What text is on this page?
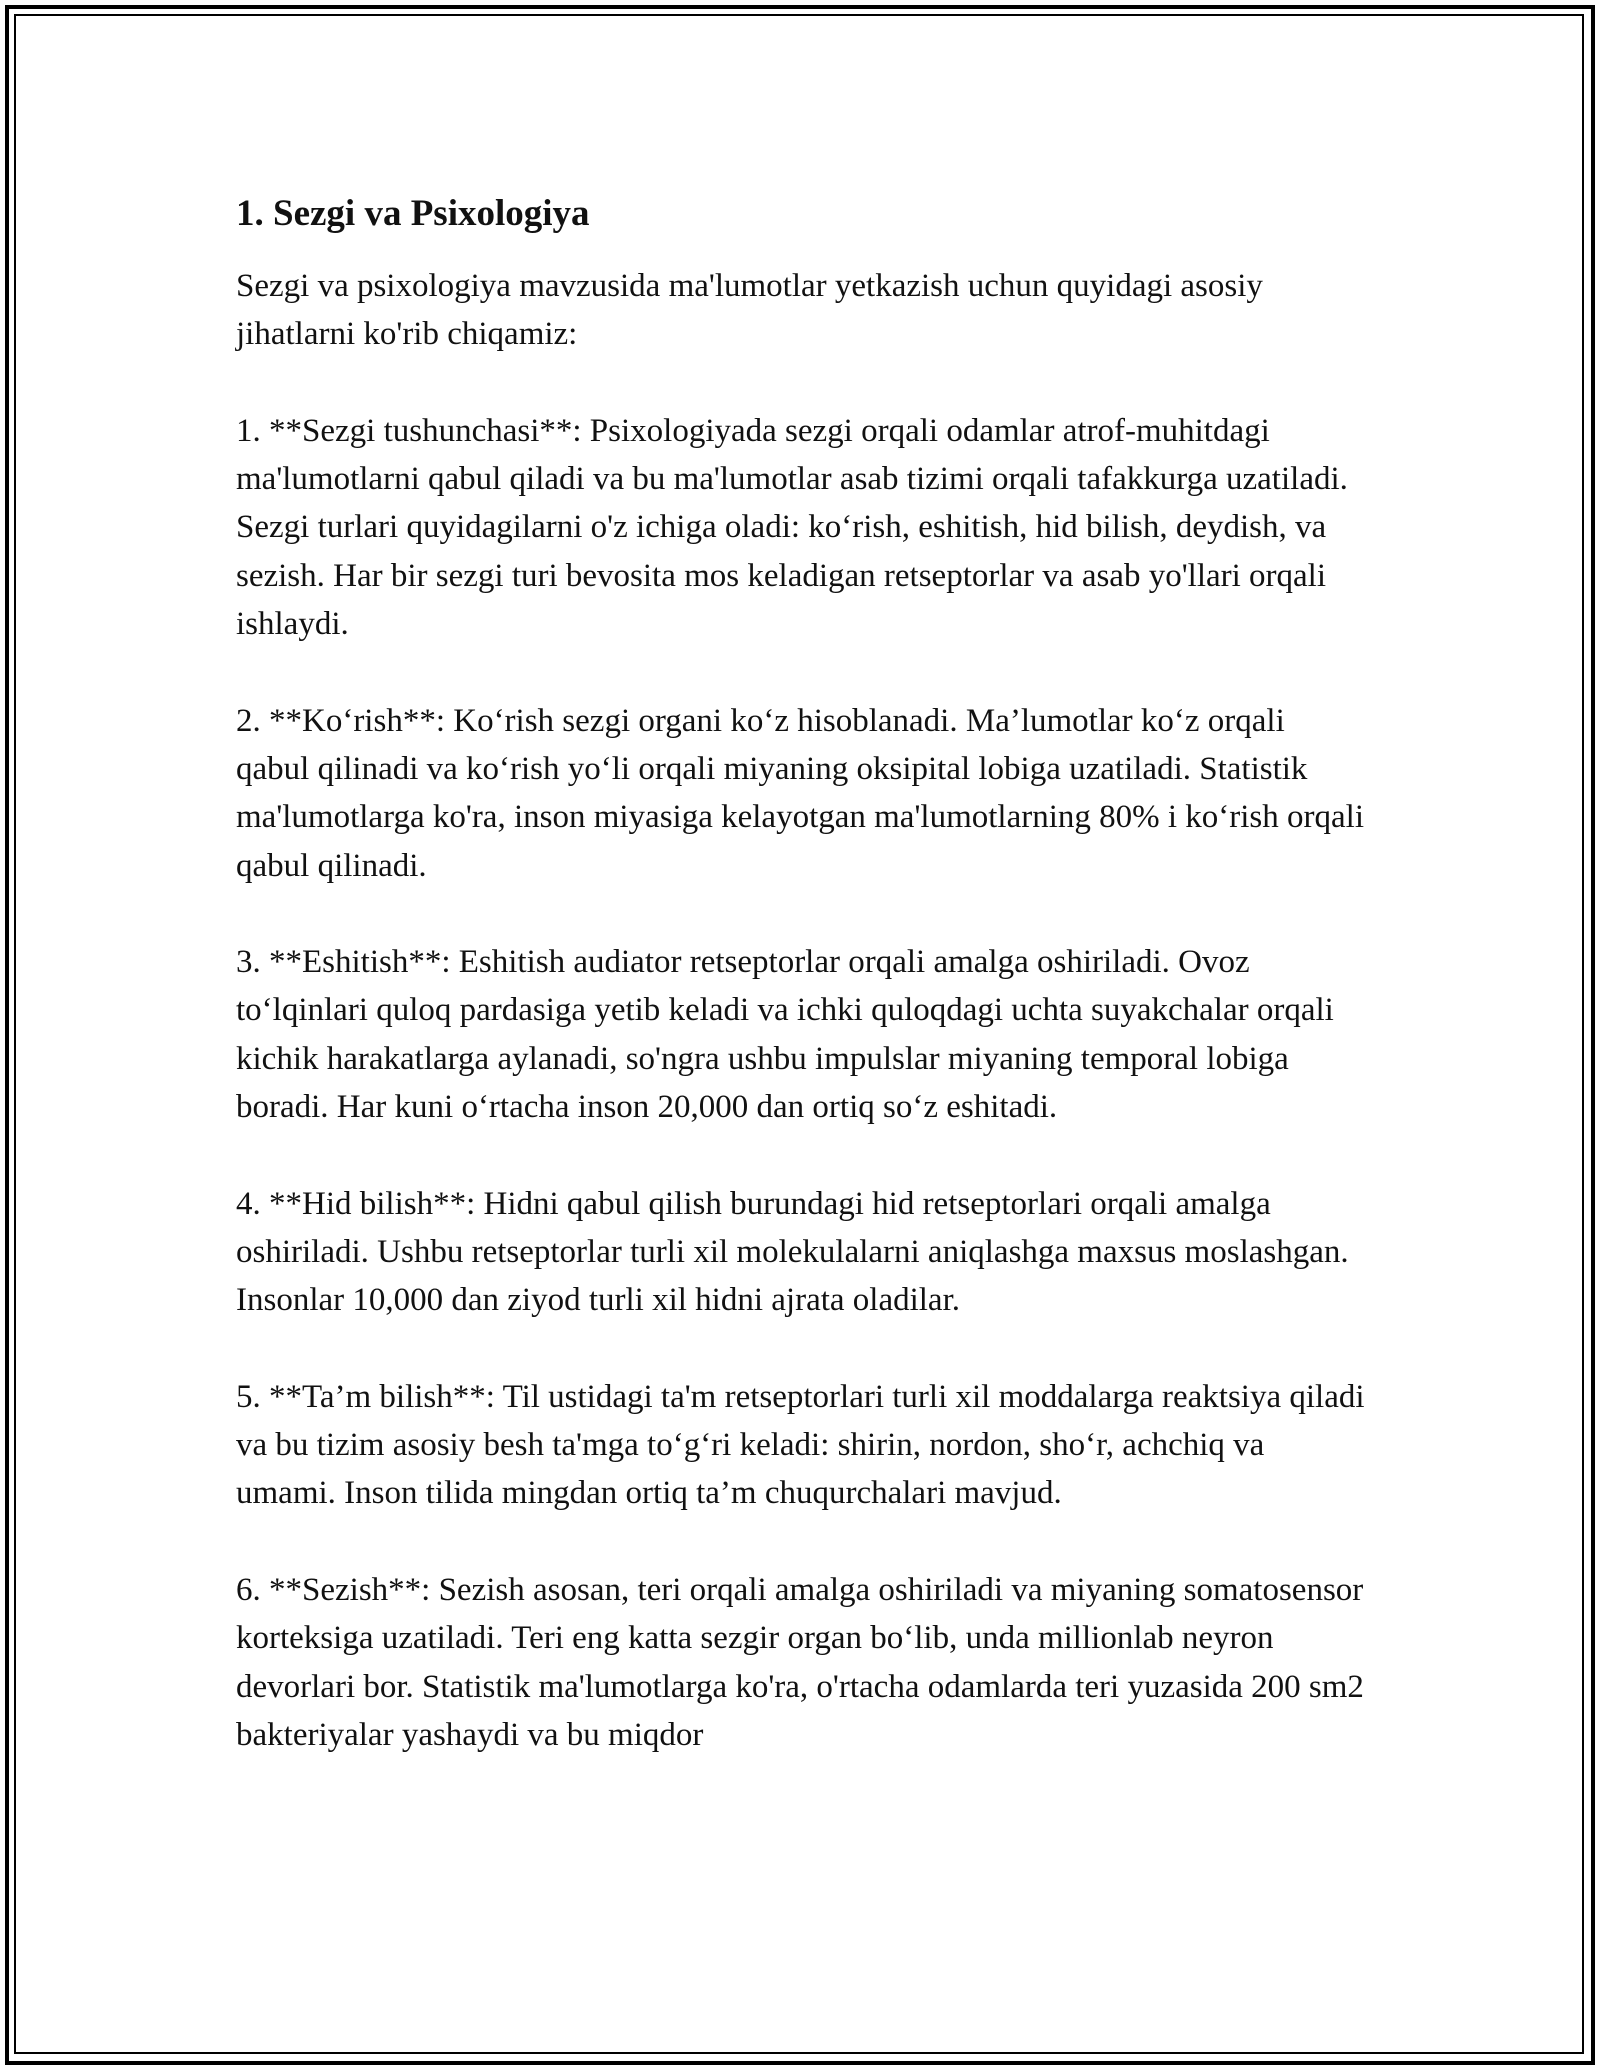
1. Sezgi va Psixologiya

Sezgi va psixologiya mavzusida ma'lumotlar yetkazish uchun quyidagi asosiy jihatlarni ko'rib chiqamiz:

1. **Sezgi tushunchasi**: Psixologiyada sezgi orqali odamlar atrof-muhitdagi ma'lumotlarni qabul qiladi va bu ma'lumotlar asab tizimi orqali tafakkurga uzatiladi. Sezgi turlari quyidagilarni o'z ichiga oladi: ko‘rish, eshitish, hid bilish, deydish, va sezish. Har bir sezgi turi bevosita mos keladigan retseptorlar va asab yo'llari orqali ishlaydi.

2. **Ko‘rish**: Ko‘rish sezgi organi ko‘z hisoblanadi. Ma’lumotlar ko‘z orqali qabul qilinadi va ko‘rish yo‘li orqali miyaning oksipital lobiga uzatiladi. Statistik ma'lumotlarga ko'ra, inson miyasiga kelayotgan ma'lumotlarning 80% i ko‘rish orqali qabul qilinadi.

3. **Eshitish**: Eshitish audiator retseptorlar orqali amalga oshiriladi. Ovoz to‘lqinlari quloq pardasiga yetib keladi va ichki quloqdagi uchta suyakchalar orqali kichik harakatlarga aylanadi, so'ngra ushbu impulslar miyaning temporal lobiga boradi. Har kuni o‘rtacha inson 20,000 dan ortiq so‘z eshitadi.

4. **Hid bilish**: Hidni qabul qilish burundagi hid retseptorlari orqali amalga oshiriladi. Ushbu retseptorlar turli xil molekulalarni aniqlashga maxsus moslashgan. Insonlar 10,000 dan ziyod turli xil hidni ajrata oladilar.

5. **Ta’m bilish**: Til ustidagi ta'm retseptorlari turli xil moddalarga reaktsiya qiladi va bu tizim asosiy besh ta'mga to‘g‘ri keladi: shirin, nordon, sho‘r, achchiq va umami. Inson tilida mingdan ortiq ta’m chuqurchalari mavjud.

6. **Sezish**: Sezish asosan, teri orqali amalga oshiriladi va miyaning somatosensor korteksiga uzatiladi. Teri eng katta sezgir organ bo‘lib, unda millionlab neyron devorlari bor. Statistik ma'lumotlarga ko'ra, o'rtacha odamlarda teri yuzasida 200 sm2 bakteriyalar yashaydi va bu miqdor
